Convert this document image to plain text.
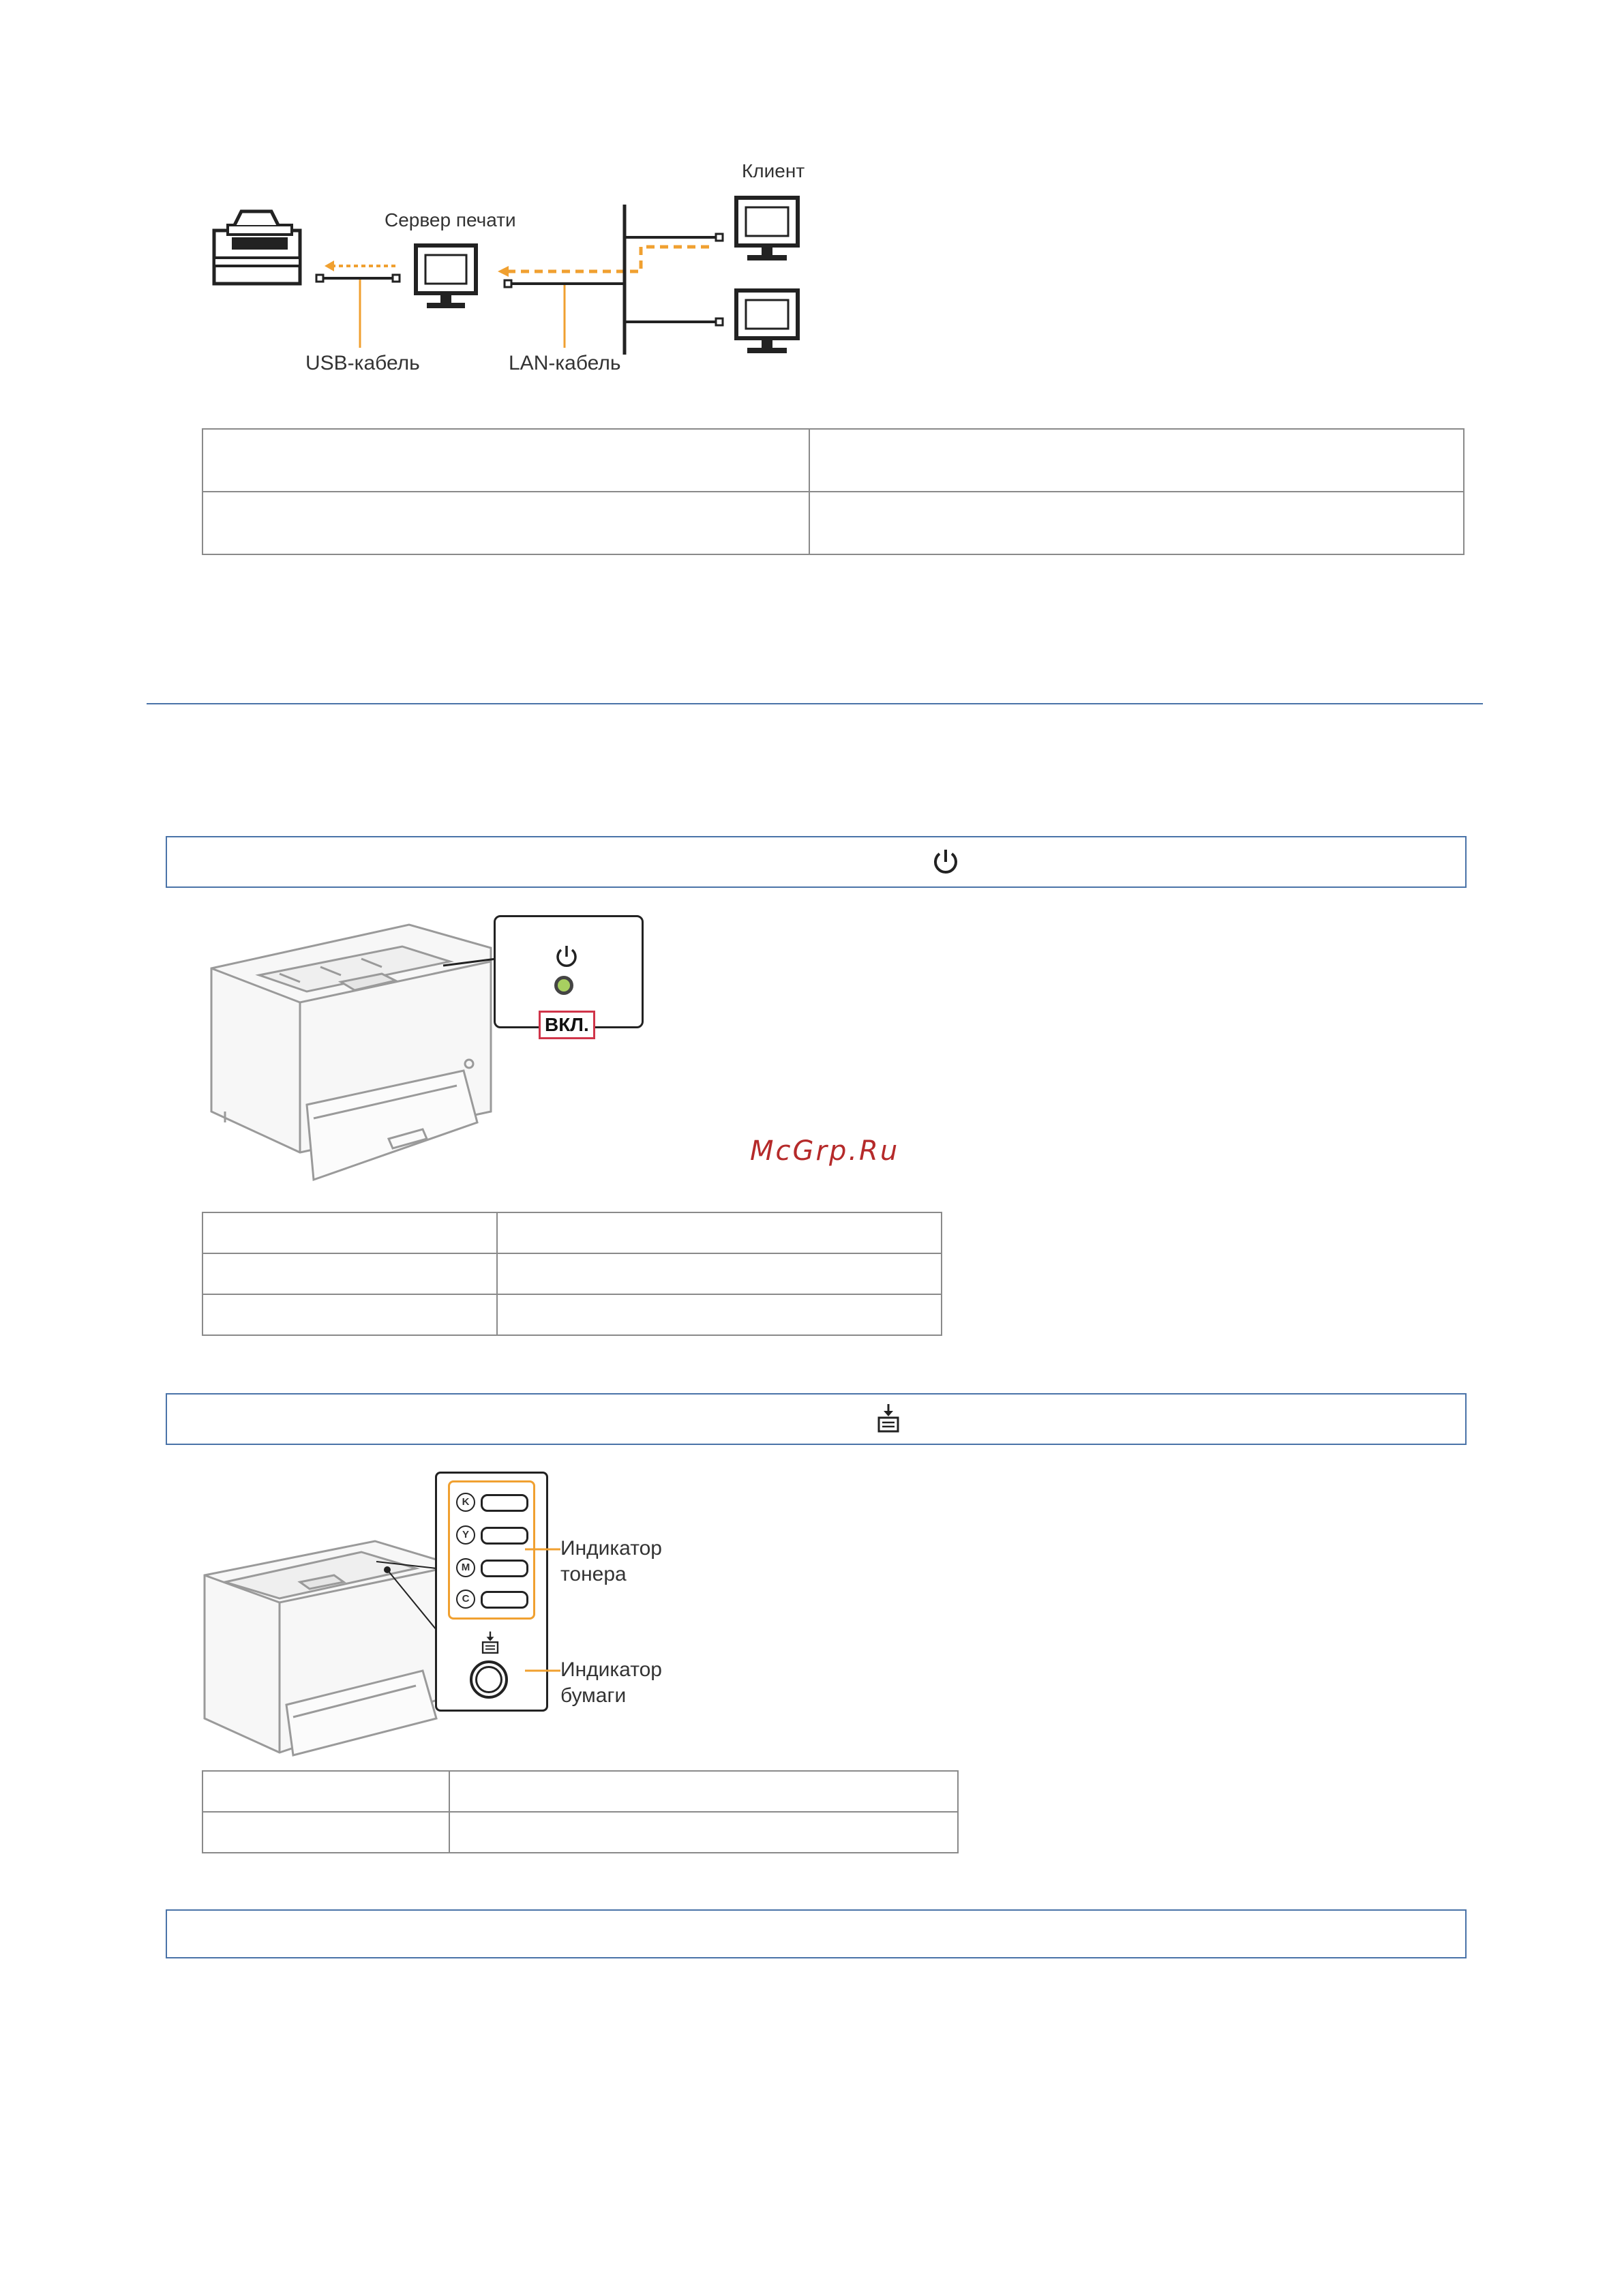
Клиент
Сервер печати
USB-кабель	LAN-кабель

ВКЛ.
McGrp.Ru

K
Y
M
C
Индикатор
тонера
Индикатор
бумаги
